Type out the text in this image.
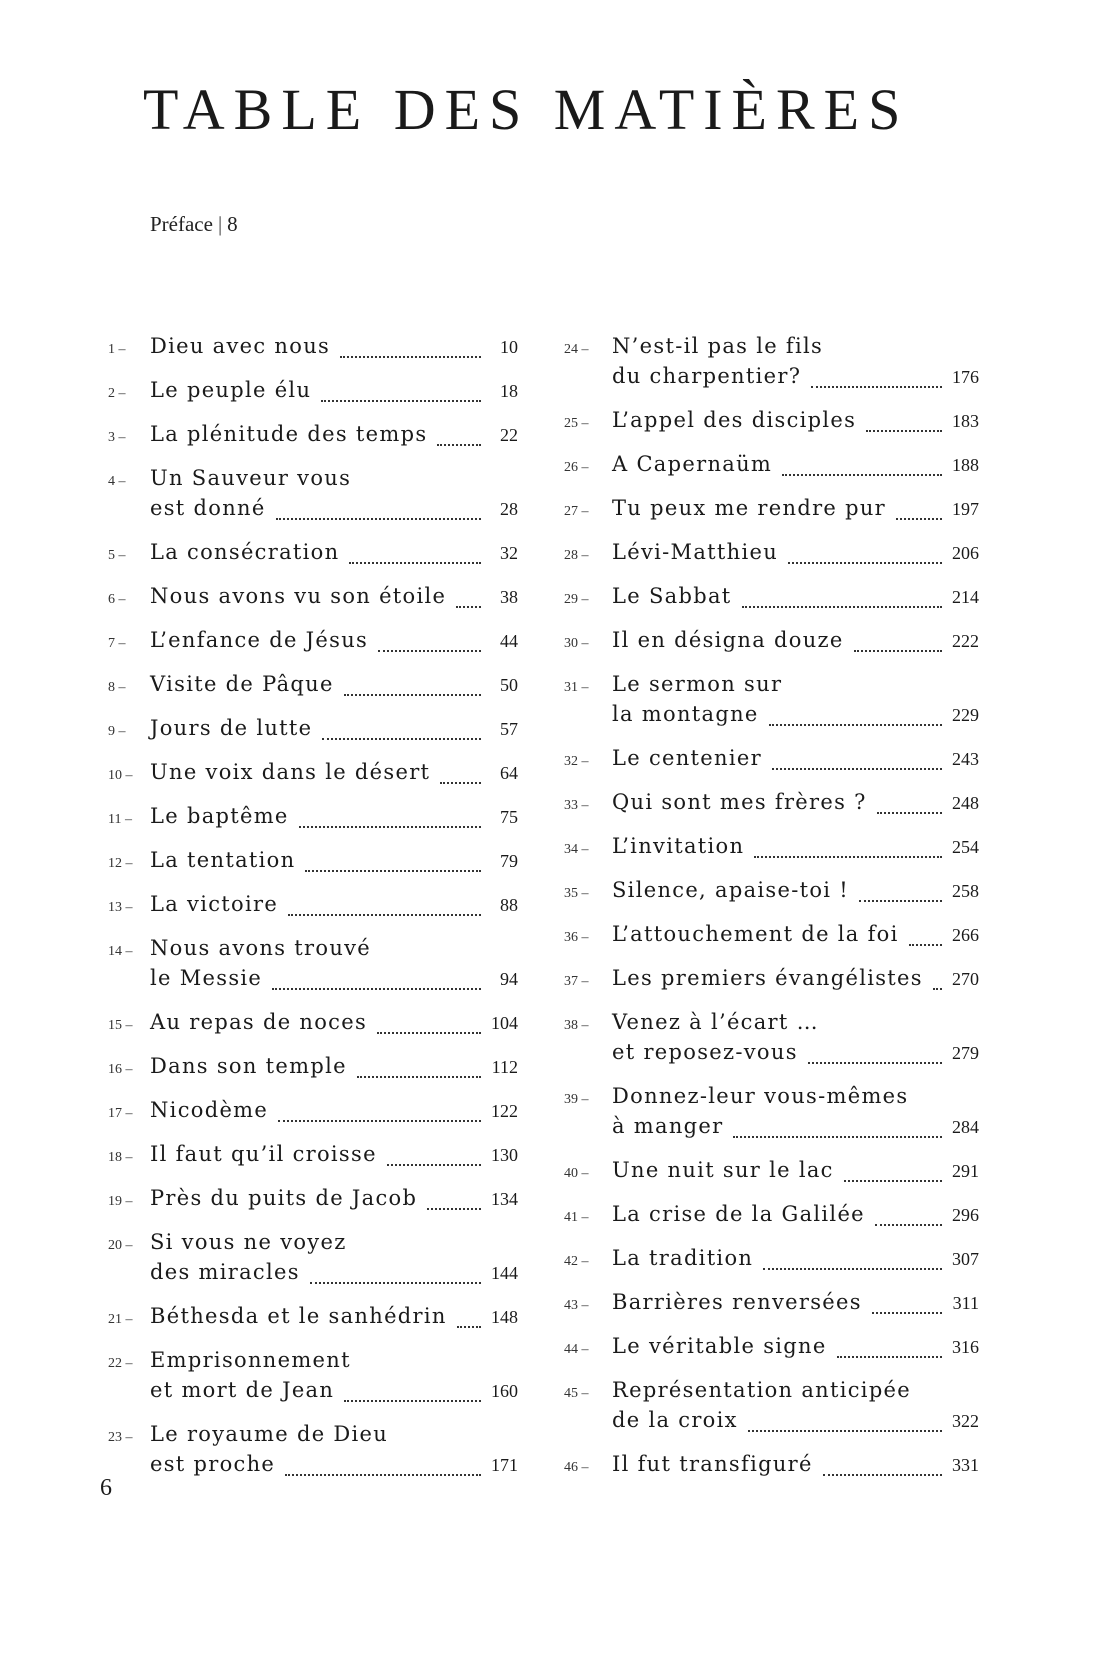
TABLE DES MATIÈRES
Préface | 8
1 –	Dieu avec nous	10
2 –	Le peuple élu	18
3 –	La plénitude des temps	22
4 –	Un Sauveur vous
est donné	28
5 –	La consécration	32
6 –	Nous avons vu son étoile	38
7 –	L’enfance de Jésus	44
8 –	Visite de Pâque	50
9 –	Jours de lutte	57
10 – Une voix dans le désert	64
11 – Le baptême	75
12 – La tentation	79
13 – La victoire	88
14 – Nous avons trouvé
le Messie	94
15 – Au repas de noces	104
16 – Dans son temple	112
17 – Nicodème	122
18 – Il faut qu’il croisse	130
19 – Près du puits de Jacob	134
20 – Si vous ne voyez
des miracles	144
21 – Béthesda et le sanhédrin 148
22 – Emprisonnement
et mort de Jean	160
23 – Le royaume de Dieu
est proche	171
24 –	N’est-il pas le fils
du charpentier?	176
25 –	L’appel des disciples	183
26 –	A Capernaüm	188
27 –	Tu peux me rendre pur	197
28 –	Lévi-Matthieu	206
29 –	Le Sabbat	214
30 –	Il en désigna douze	222
31 –	Le sermon sur
la montagne	229
32 –	Le centenier	243
33 –	Qui sont mes frères ?	248
34 –	L’invitation	254
35 –	Silence, apaise-toi !	258
36 –	L’attouchement de la foi	266
37 –	Les premiers évangélistes 270
38 –	Venez à l’écart …
et reposez-vous	279
39 –	Donnez-leur vous-mêmes
à manger	284
40 –	Une nuit sur le lac	291
41 –	La crise de la Galilée	296
42 –	La tradition	307
43 –	Barrières renversées	311
44 –	Le véritable signe	316
45 –	Représentation anticipée
de la croix	322
46 –	Il fut transfiguré	331
6
